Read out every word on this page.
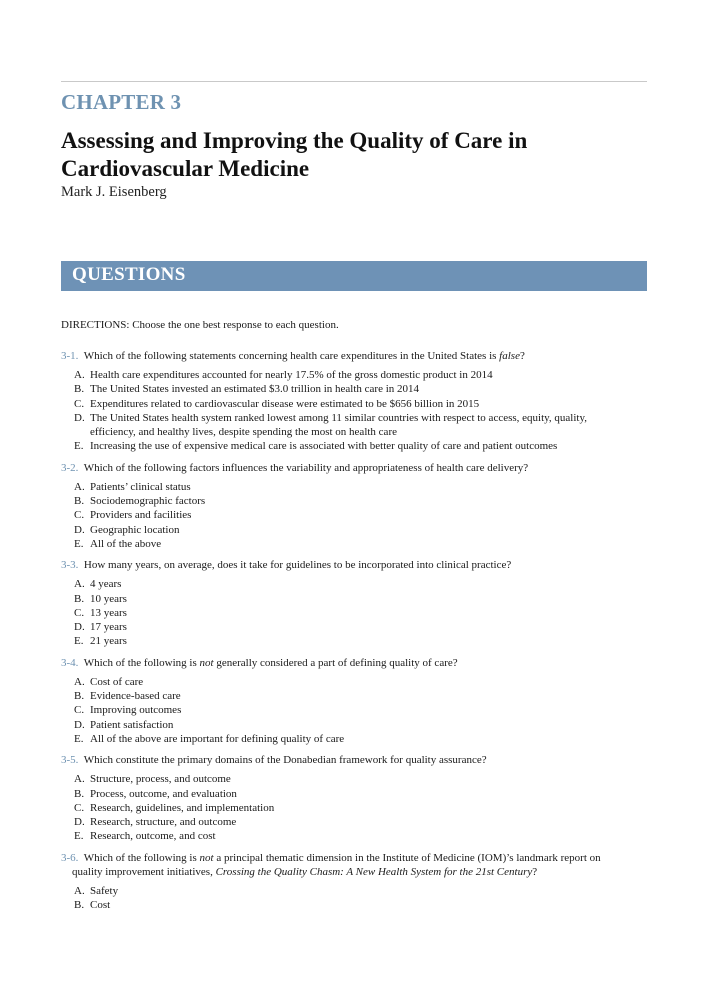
CHAPTER 3
Assessing and Improving the Quality of Care in Cardiovascular Medicine
Mark J. Eisenberg
QUESTIONS
DIRECTIONS: Choose the one best response to each question.
3-1. Which of the following statements concerning health care expenditures in the United States is false?
A. Health care expenditures accounted for nearly 17.5% of the gross domestic product in 2014
B. The United States invested an estimated $3.0 trillion in health care in 2014
C. Expenditures related to cardiovascular disease were estimated to be $656 billion in 2015
D. The United States health system ranked lowest among 11 similar countries with respect to access, equity, quality, efficiency, and healthy lives, despite spending the most on health care
E. Increasing the use of expensive medical care is associated with better quality of care and patient outcomes
3-2. Which of the following factors influences the variability and appropriateness of health care delivery?
A. Patients’ clinical status
B. Sociodemographic factors
C. Providers and facilities
D. Geographic location
E. All of the above
3-3. How many years, on average, does it take for guidelines to be incorporated into clinical practice?
A. 4 years
B. 10 years
C. 13 years
D. 17 years
E. 21 years
3-4. Which of the following is not generally considered a part of defining quality of care?
A. Cost of care
B. Evidence-based care
C. Improving outcomes
D. Patient satisfaction
E. All of the above are important for defining quality of care
3-5. Which constitute the primary domains of the Donabedian framework for quality assurance?
A. Structure, process, and outcome
B. Process, outcome, and evaluation
C. Research, guidelines, and implementation
D. Research, structure, and outcome
E. Research, outcome, and cost
3-6. Which of the following is not a principal thematic dimension in the Institute of Medicine (IOM)’s landmark report on quality improvement initiatives, Crossing the Quality Chasm: A New Health System for the 21st Century?
A. Safety
B. Cost
